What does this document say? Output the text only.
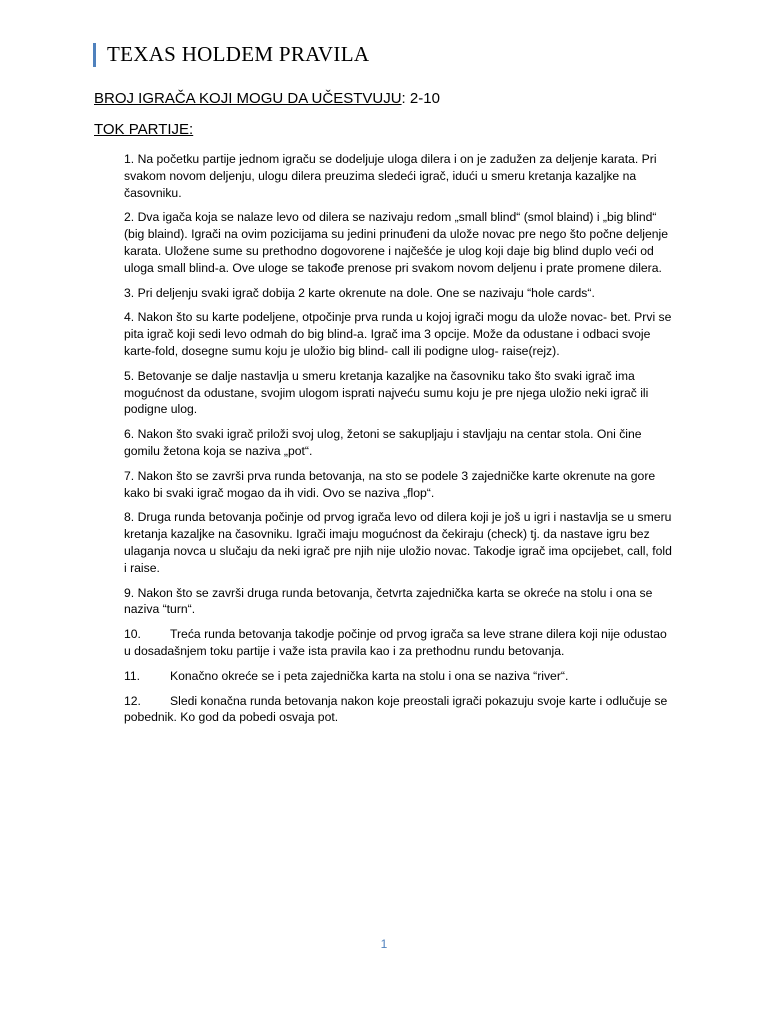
TEXAS HOLDEM PRAVILA
BROJ IGRAČA KOJI MOGU DA UČESTVUJU: 2-10
TOK PARTIJE:
1. Na početku partije jednom igraču se dodeljuje uloga dilera i on je zadužen za deljenje karata. Pri svakom novom deljenju, ulogu dilera preuzima sledeći igrač, idući u smeru kretanja kazaljke na časovniku.
2. Dva igača koja se nalaze levo od dilera se nazivaju redom „small blind“ (smol blaind) i „big blind“ (big blaind). Igrači na ovim pozicijama su jedini prinuđeni da ulože novac pre nego što počne deljenje karata. Uložene sume su prethodno dogovorene i najčešće je ulog koji daje big blind duplo veći od uloga small blind-a. Ove uloge se takođe prenose pri svakom novom deljenu i prate promene dilera.
3. Pri deljenju svaki igrač dobija 2 karte okrenute na dole. One se nazivaju “hole cards“.
4. Nakon što su karte podeljene, otpočinje prva runda u kojoj igrači mogu da ulože novac- bet. Prvi se pita igrač koji sedi levo odmah do big blind-a. Igrač ima 3 opcije. Može da odustane i odbaci svoje karte-fold, dosegne sumu koju je uložio big blind- call ili podigne ulog- raise(rejz).
5. Betovanje se dalje nastavlja u smeru kretanja kazaljke na časovniku tako što svaki igrač ima mogućnost da odustane, svojim ulogom isprati najveću sumu koju je pre njega uložio neki igrač ili podigne ulog.
6. Nakon što svaki igrač priloži svoj ulog, žetoni se sakupljaju i stavljaju na centar stola. Oni čine gomilu žetona koja se naziva „pot“.
7. Nakon što se završi prva runda betovanja, na sto se podele 3 zajedničke karte okrenute na gore kako bi svaki igrač mogao da ih vidi. Ovo se naziva „flop“.
8. Druga runda betovanja počinje od prvog igrača levo od dilera koji je još u igri i nastavlja se u smeru kretanja kazaljke na časovniku. Igrači imaju mogućnost da čekiraju (check) tj. da nastave igru bez ulaganja novca u slučaju da neki igrač pre njih nije uložio novac. Takodje igrač ima opcijebet, call, fold i raise.
9. Nakon što se završi druga runda betovanja, četvrta zajednička karta se okreće na stolu i ona se naziva “turn“.
10. Treća runda betovanja takodje počinje od prvog igrača sa leve strane dilera koji nije odustao u dosadašnjem toku partije i važe ista pravila kao i za prethodnu rundu betovanja.
11. Konačno okreće se i peta zajednička karta na stolu i ona se naziva “river“.
12. Sledi konačna runda betovanja nakon koje preostali igrači pokazuju svoje karte i odlučuje se pobednik. Ko god da pobedi osvaja pot.
1
